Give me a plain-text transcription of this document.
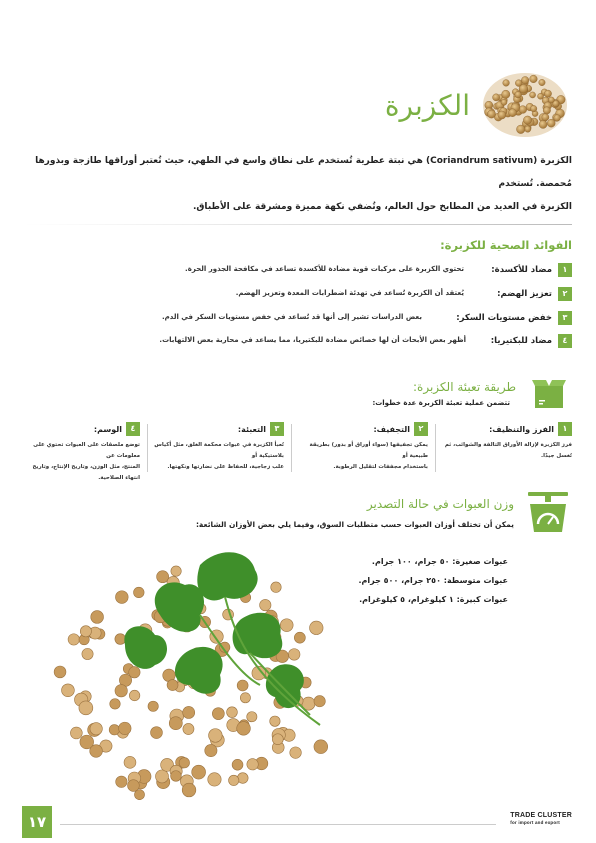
الكزبرة
الكزبرة (Coriandrum sativum) هي نبتة عطرية تُستخدم على نطاق واسع في الطهي، حيث تُعتبر أوراقها طازجة وبذورها مُحمصة. تُستخدم
الكزبرة في العديد من المطابخ حول العالم، وتُضفي نكهة مميزة ومشرقة على الأطباق.
الفوائد الصحية للكزبرة:
١
مضاد للأكسدة:
تحتوي الكزبرة على مركبات قوية مضادة للأكسدة تساعد في مكافحة الجذور الحرة.
٢
تعزيز الهضم:
يُعتقد أن الكزبرة تُساعد في تهدئة اضطرابات المعدة وتعزيز الهضم.
٣
خفض مستويات السكر:
بعض الدراسات تشير إلى أنها قد تُساعد في خفض مستويات السكر في الدم.
٤
مضاد للبكتيريا:
أظهر بعض الأبحاث أن لها خصائص مضادة للبكتيريا، مما يساعد في محاربة بعض الالتهابات.
طريقة تعبئة الكزبرة:
تتضمن عملية تعبئة الكزبرة عدة خطوات:
١
الفرز والتنظيف:
فرز الكزبرة لإزالة الأوراق التالفة والشوائب، ثم
تُغسل جيدًا.
٢
التجفيف:
يمكن تجفيفها (سواء أوراق أو بذور) بطريقة طبيعية أو
باستخدام مجففات لتقليل الرطوبة.
٣
التعبئة:
تُعبأ الكزبرة في عبوات محكمة الغلق، مثل أكياس بلاستيكية أو
علب زجاجية، للحفاظ على نضارتها ونكهتها.
٤
الوسم:
توضع ملصقات على العبوات تحتوي على معلومات عن
المنتج، مثل الوزن، وتاريخ الإنتاج، وتاريخ انتهاء الصلاحية.
وزن العبوات في حالة التصدير
يمكن أن تختلف أوزان العبوات حسب متطلبات السوق، وفيما يلي بعض الأوزان الشائعة:
عبوات صغيرة: ٥٠ جرام، ١٠٠ جرام.
عبوات متوسطة: ٢٥٠ جرام، ٥٠٠ جرام.
عبوات كبيرة: ١ كيلوغرام، ٥ كيلوغرام.
١٧	TRADE CLUSTER
for import and export
